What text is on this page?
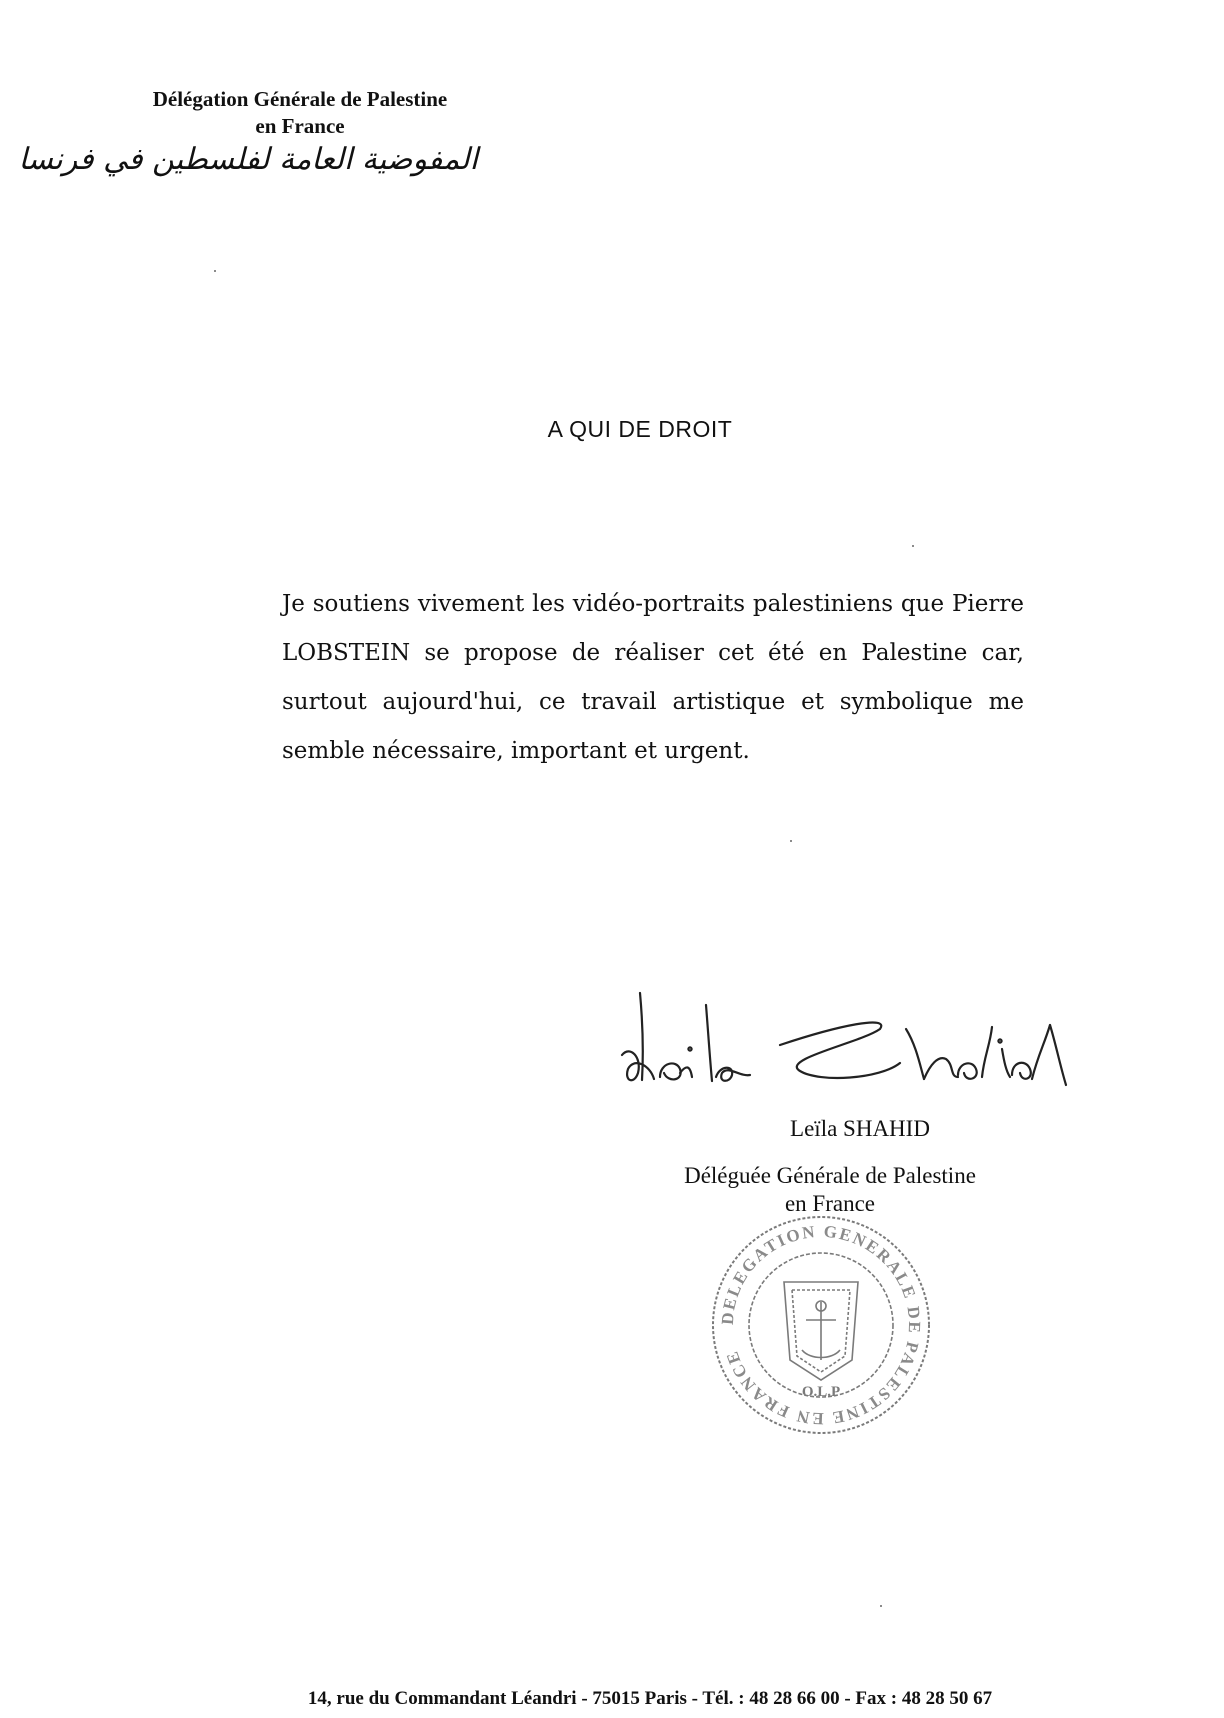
Délégation Générale de Palestine
en France
المفوضية العامة لفلسطين في فرنسا
A QUI DE DROIT
Je soutiens vivement les vidéo-portraits palestiniens que Pierre LOBSTEIN se propose de réaliser cet été en Palestine car, surtout aujourd'hui, ce travail artistique et symbolique me semble nécessaire, important et urgent.
Leïla SHAHID
Déléguée Générale de Palestine
en France
DELEGATION GENERALE DE PALESTINE EN FRANCE
O.L.P
14, rue du Commandant Léandri - 75015 Paris - Tél. : 48 28 66 00 - Fax : 48 28 50 67
